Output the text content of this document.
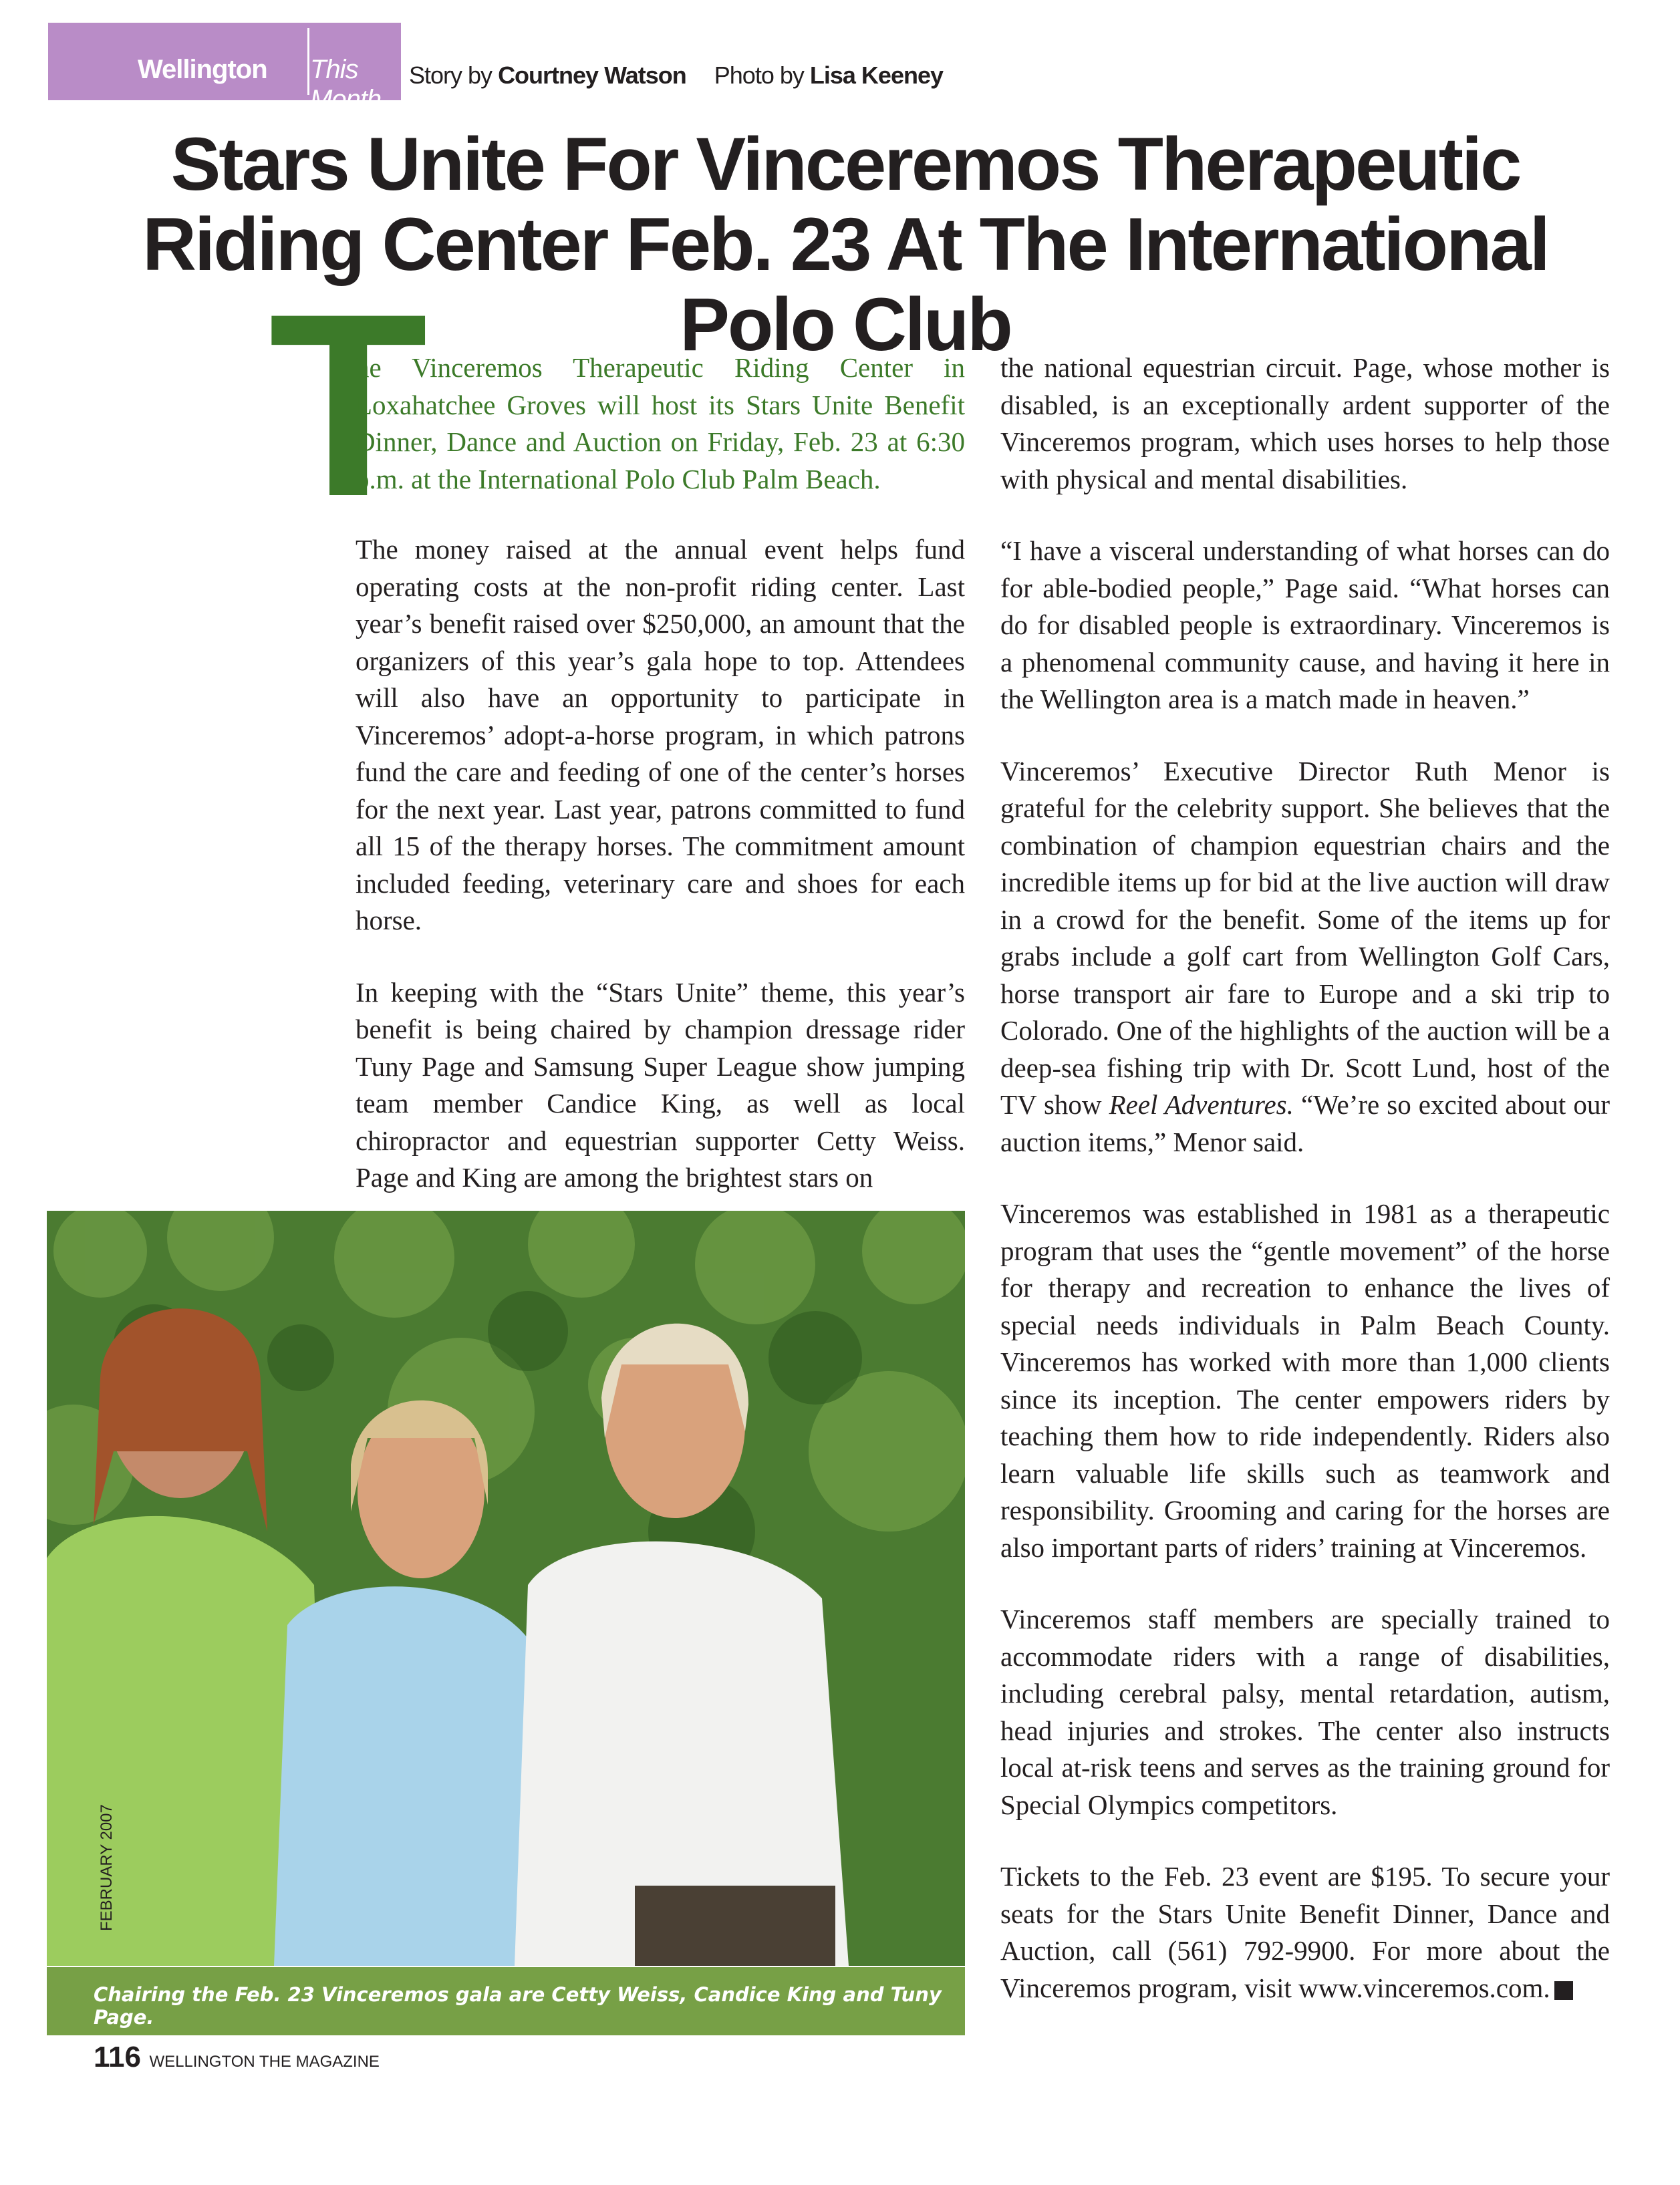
Wellington This Month
Story by Courtney Watson Photo by Lisa Keeney
Stars Unite For Vinceremos Therapeutic Riding Center Feb. 23 At The International Polo Club
T
he Vinceremos Therapeutic Riding Center in Loxahatchee Groves will host its Stars Unite Benefit Dinner, Dance and Auction on Friday, Feb. 23 at 6:30 p.m. at the International Polo Club Palm Beach.

The money raised at the annual event helps fund operating costs at the non-profit riding center. Last year’s benefit raised over $250,000, an amount that the organizers of this year’s gala hope to top. Attendees will also have an opportunity to participate in Vinceremos’ adopt-a-horse program, in which patrons fund the care and feeding of one of the center’s horses for the next year. Last year, patrons committed to fund all 15 of the therapy horses. The commitment amount included feeding, veterinary care and shoes for each horse.

In keeping with the “Stars Unite” theme, this year’s benefit is being chaired by champion dressage rider Tuny Page and Samsung Super League show jumping team member Candice King, as well as local chiropractor and equestrian supporter Cetty Weiss. Page and King are among the brightest stars on

the national equestrian circuit. Page, whose mother is disabled, is an exceptionally ardent supporter of the Vinceremos program, which uses horses to help those with physical and mental disabilities.

“I have a visceral understanding of what horses can do for able-bodied people,” Page said. “What horses can do for disabled people is extraordinary. Vinceremos is a phenomenal community cause, and having it here in the Wellington area is a match made in heaven.”

Vinceremos’ Executive Director Ruth Menor is grateful for the celebrity support. She believes that the combination of champion equestrian chairs and the incredible items up for bid at the live auction will draw in a crowd for the benefit. Some of the items up for grabs include a golf cart from Wellington Golf Cars, horse transport air fare to Europe and a ski trip to Colorado. One of the highlights of the auction will be a deep-sea fishing trip with Dr. Scott Lund, host of the TV show Reel Adventures. “We’re so excited about our auction items,” Menor said.

Vinceremos was established in 1981 as a therapeutic program that uses the “gentle movement” of the horse for therapy and recreation to enhance the lives of special needs individuals in Palm Beach County. Vinceremos has worked with more than 1,000 clients since its inception. The center empowers riders by teaching them how to ride independently. Riders also learn valuable life skills such as teamwork and responsibility. Grooming and caring for the horses are also important parts of riders’ training at Vinceremos.

Vinceremos staff members are specially trained to accommodate riders with a range of disabilities, including cerebral palsy, mental retardation, autism, head injuries and strokes. The center also instructs local at-risk teens and serves as the training ground for Special Olympics competitors.

Tickets to the Feb. 23 event are $195. To secure your seats for the Stars Unite Benefit Dinner, Dance and Auction, call (561) 792-9900. For more about the Vinceremos program, visit www.vinceremos.com.

Chairing the Feb. 23 Vinceremos gala are Cetty Weiss, Candice King and Tuny Page.
FEBRUARY 2007
116 WELLINGTON THE MAGAZINE
